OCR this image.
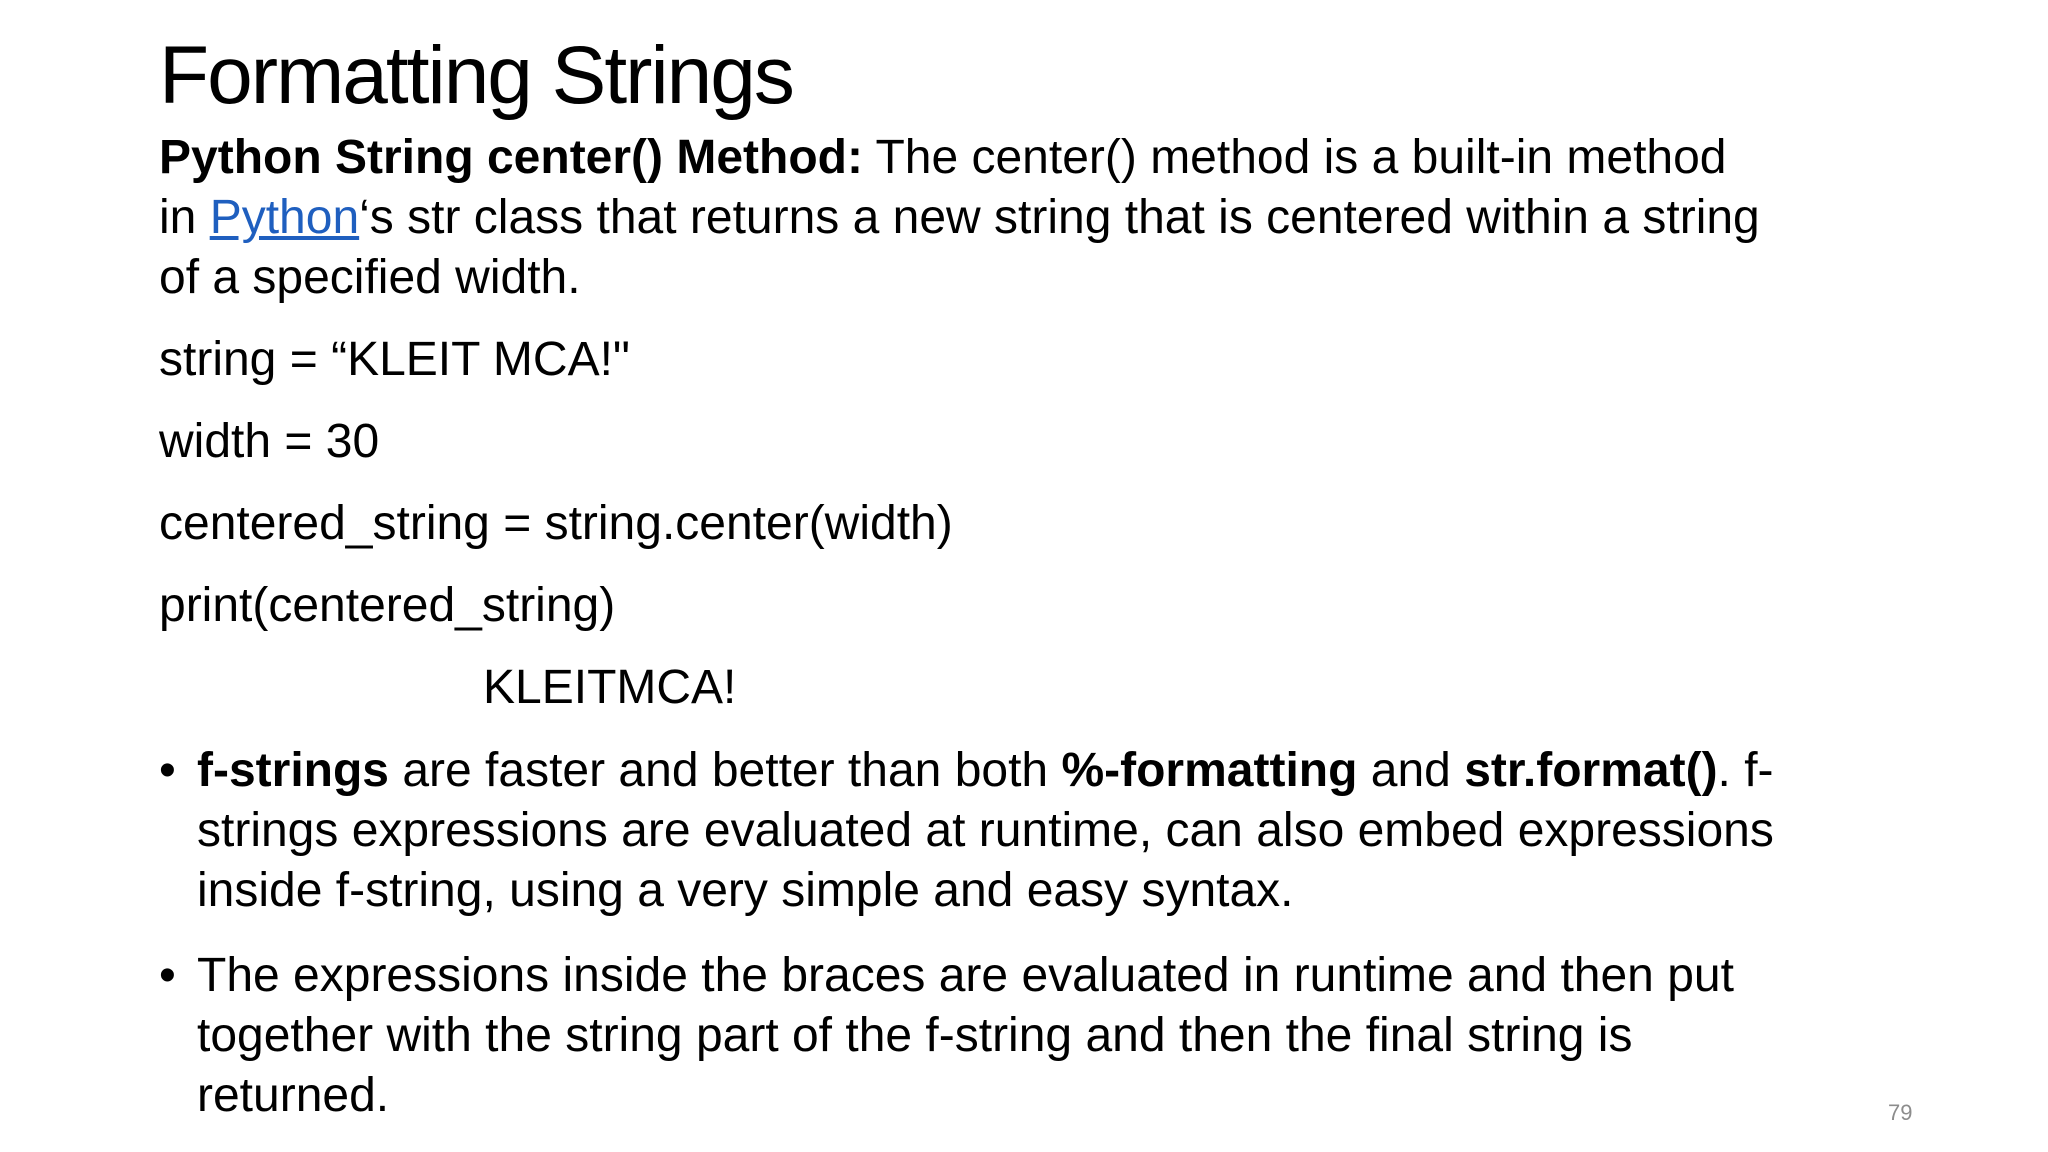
Formatting Strings
Python String center() Method: The center() method is a built-in method
in Python‘s str class that returns a new string that is centered within a string
of a specified width.
string = “KLEIT MCA!"
width = 30
centered_string = string.center(width)
print(centered_string)
KLEITMCA!
• f-strings are faster and better than both %-formatting and str.format(). f-
strings expressions are evaluated at runtime, can also embed expressions
inside f-string, using a very simple and easy syntax.
• The expressions inside the braces are evaluated in runtime and then put
together with the string part of the f-string and then the final string is
returned.	79
